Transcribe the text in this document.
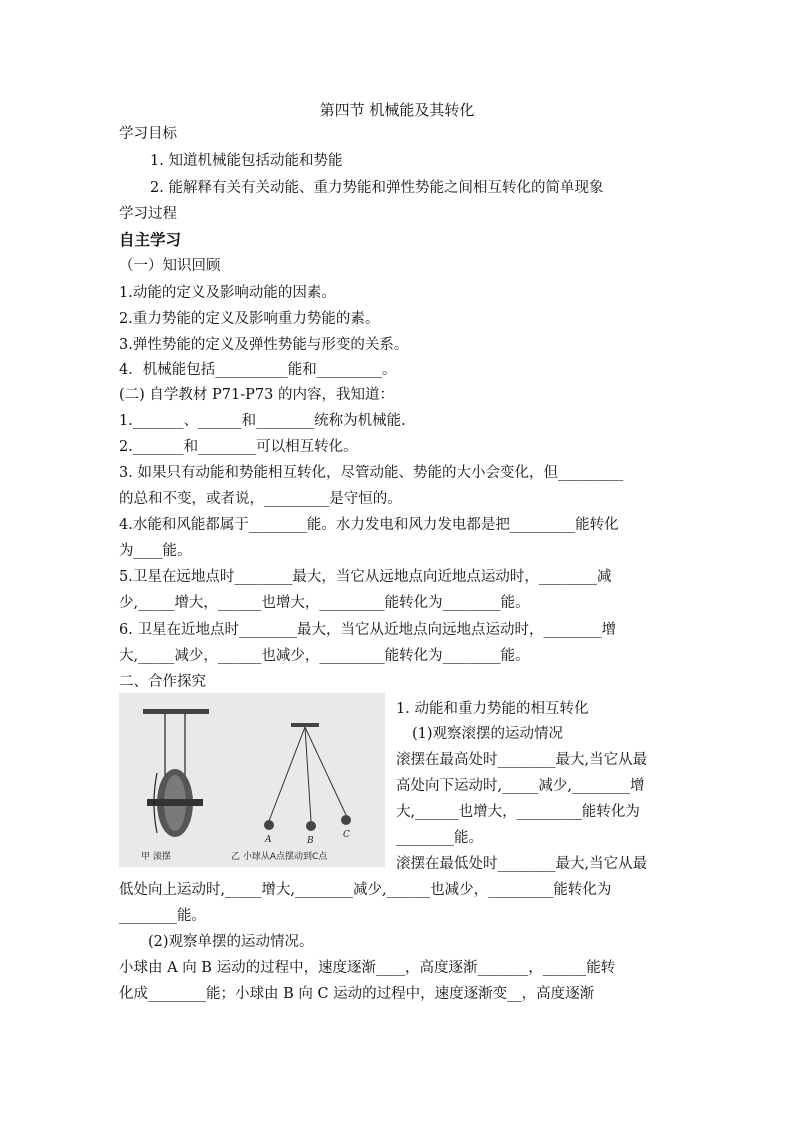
第四节 机械能及其转化
学习目标
1. 知道机械能包括动能和势能
2. 能解释有关有关动能、重力势能和弹性势能之间相互转化的简单现象
学习过程
自主学习
（一）知识回顾
1.动能的定义及影响动能的因素。
2.重力势能的定义及影响重力势能的素。
3.弹性势能的定义及弹性势能与形变的关系。
4．机械能包括__________能和_________。
(二) 自学教材 P71-P73 的内容，我知道：
1._______、______和________统称为机械能.
2._______和________可以相互转化。
3. 如果只有动能和势能相互转化，尽管动能、势能的大小会变化，但_________
的总和不变，或者说，_________是守恒的。
4.水能和风能都属于________能。水力发电和风力发电都是把_________能转化
为____能。
5.卫星在远地点时________最大，当它从远地点向近地点运动时，________减
少,_____增大，______也增大，_________能转化为________能。
6. 卫星在近地点时________最大，当它从近地点向远地点运动时，________增
大,_____减少，______也减少，_________能转化为________能。
二、合作探究
甲 滚摆
A	B
C
乙 小球从A点摆动到C点
1. 动能和重力势能的相互转化
(1)观察滚摆的运动情况
滚摆在最高处时________最大,当它从最
高处向下运动时,_____减少,________增
大,______也增大，_________能转化为
________能。
滚摆在最低处时________最大,当它从最
低处向上运动时,_____增大,________减少,______也减少，_________能转化为
________能。
(2)观察单摆的运动情况。
小球由 A 向 B 运动的过程中，速度逐渐____，高度逐渐_______，______能转
化成________能；小球由 B 向 C 运动的过程中，速度逐渐变__，高度逐渐
